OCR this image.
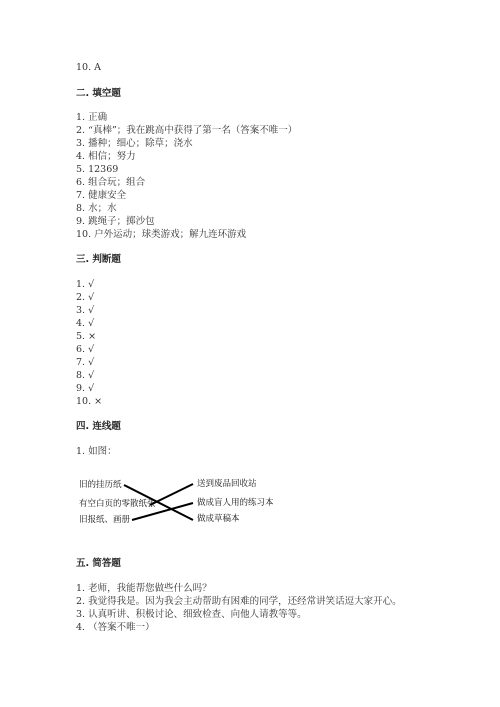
10. A
二. 填空题
1. 正确
2. “真棒”；我在跳高中获得了第一名（答案不唯一）
3. 播种；细心；除草；浇水
4. 相信；努力
5. 12369
6. 组合玩；组合
7. 健康安全
8. 水；水
9. 跳绳子；掷沙包
10. 户外运动；球类游戏；解九连环游戏
三. 判断题
1. √
2. √
3. √
4. √
5. ×
6. √
7. √
8. √
9. √
10. ×
四. 连线题
1. 如图：
旧的挂历纸
有空白页的零散纸张
旧报纸、画册
送到废品回收站
做成盲人用的练习本
做成草稿本
五. 简答题
1. 老师，我能帮您做些什么吗？
2. 我觉得我是。因为我会主动帮助有困难的同学，还经常讲笑话逗大家开心。
3. 认真听讲、积极讨论、细致检查、向他人请教等等。
4. （答案不唯一）
